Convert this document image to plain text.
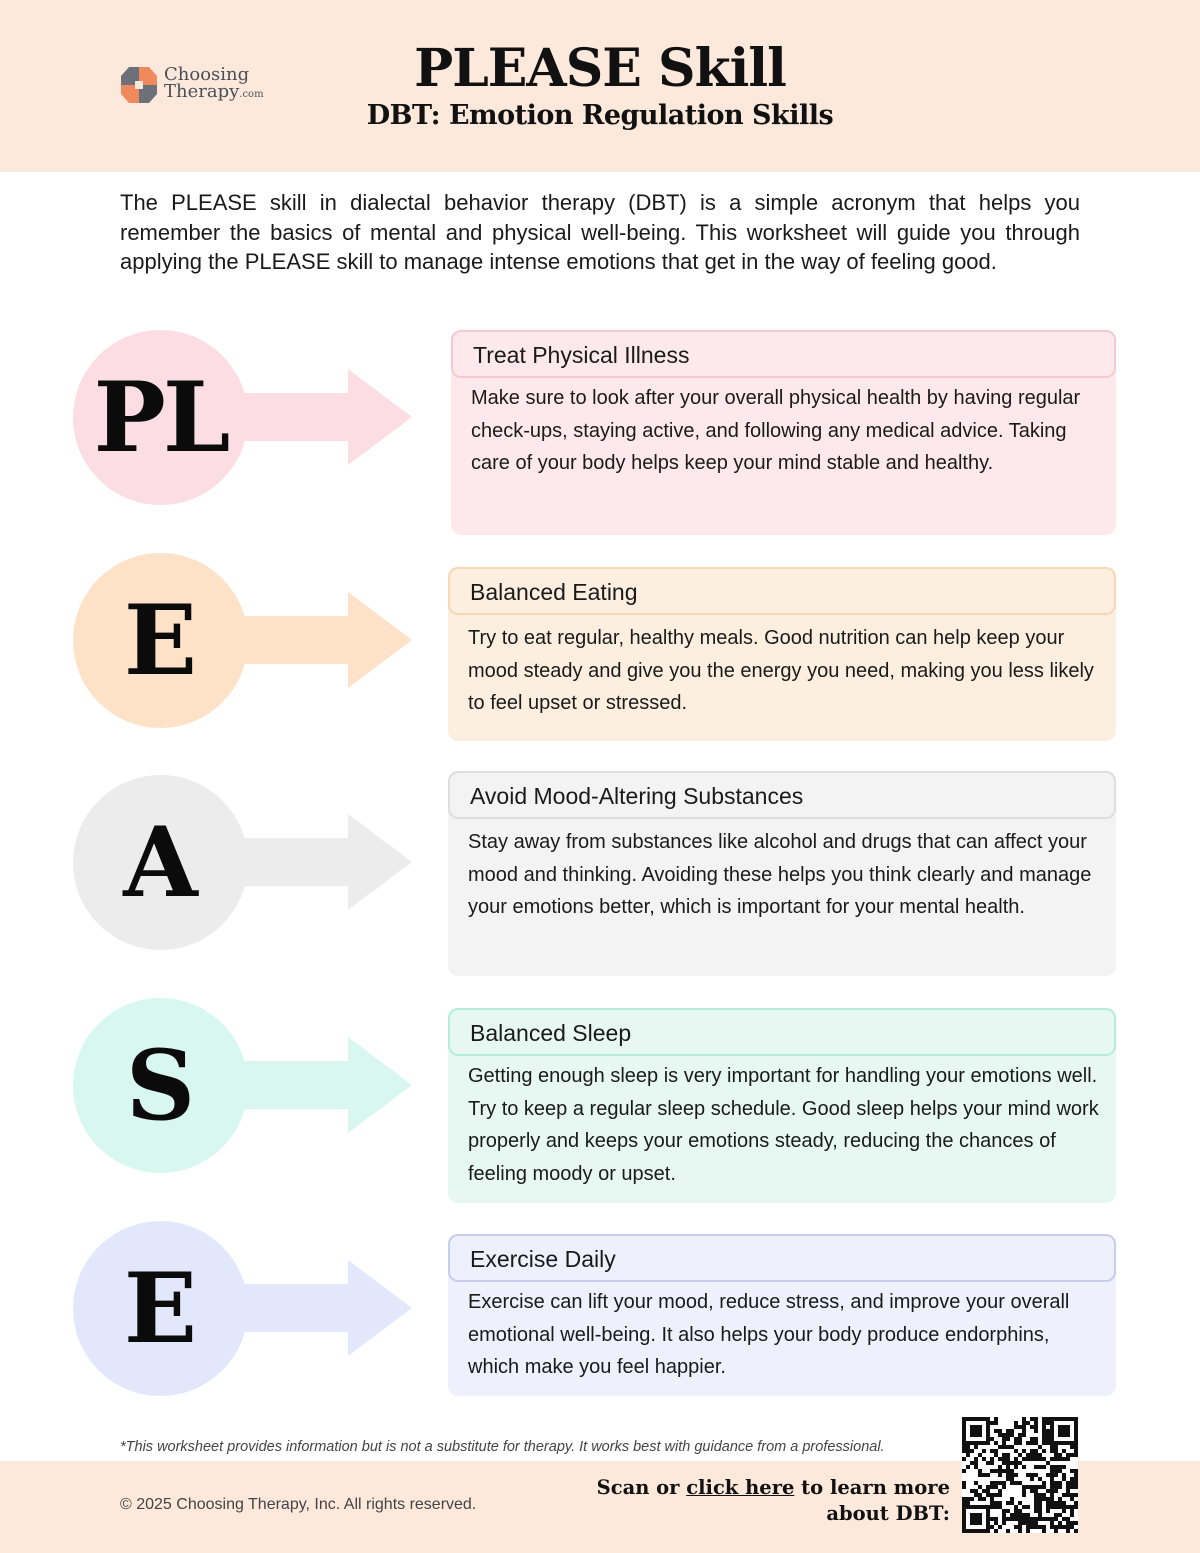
Choosing
Therapy.com	PLEASE Skill
DBT: Emotion Regulation Skills

The PLEASE skill in dialectal behavior therapy (DBT) is a simple acronym that helps you remember the basics of mental and physical well-being. This worksheet will guide you through applying the PLEASE skill to manage intense emotions that get in the way of feeling good.

PL
Treat Physical Illness

Make sure to look after your overall physical health by having regular check-ups, staying active, and following any medical advice. Taking care of your body helps keep your mind stable and healthy.

E	Balanced Eating

Try to eat regular, healthy meals. Good nutrition can help keep your mood steady and give you the energy you need, making you less likely to feel upset or stressed.

A
Avoid Mood-Altering Substances

Stay away from substances like alcohol and drugs that can affect your mood and thinking. Avoiding these helps you think clearly and manage your emotions better, which is important for your mental health.

S	Balanced Sleep

Getting enough sleep is very important for handling your emotions well. Try to keep a regular sleep schedule. Good sleep helps your mind work properly and keeps your emotions steady, reducing the chances of feeling moody or upset.

E	Exercise Daily

Exercise can lift your mood, reduce stress, and improve your overall emotional well-being. It also helps your body produce endorphins, which make you feel happier.

*This worksheet provides information but is not a substitute for therapy. It works best with guidance from a professional.
© 2025 Choosing Therapy, Inc. All rights reserved.
Scan or click here to learn more
about DBT:
